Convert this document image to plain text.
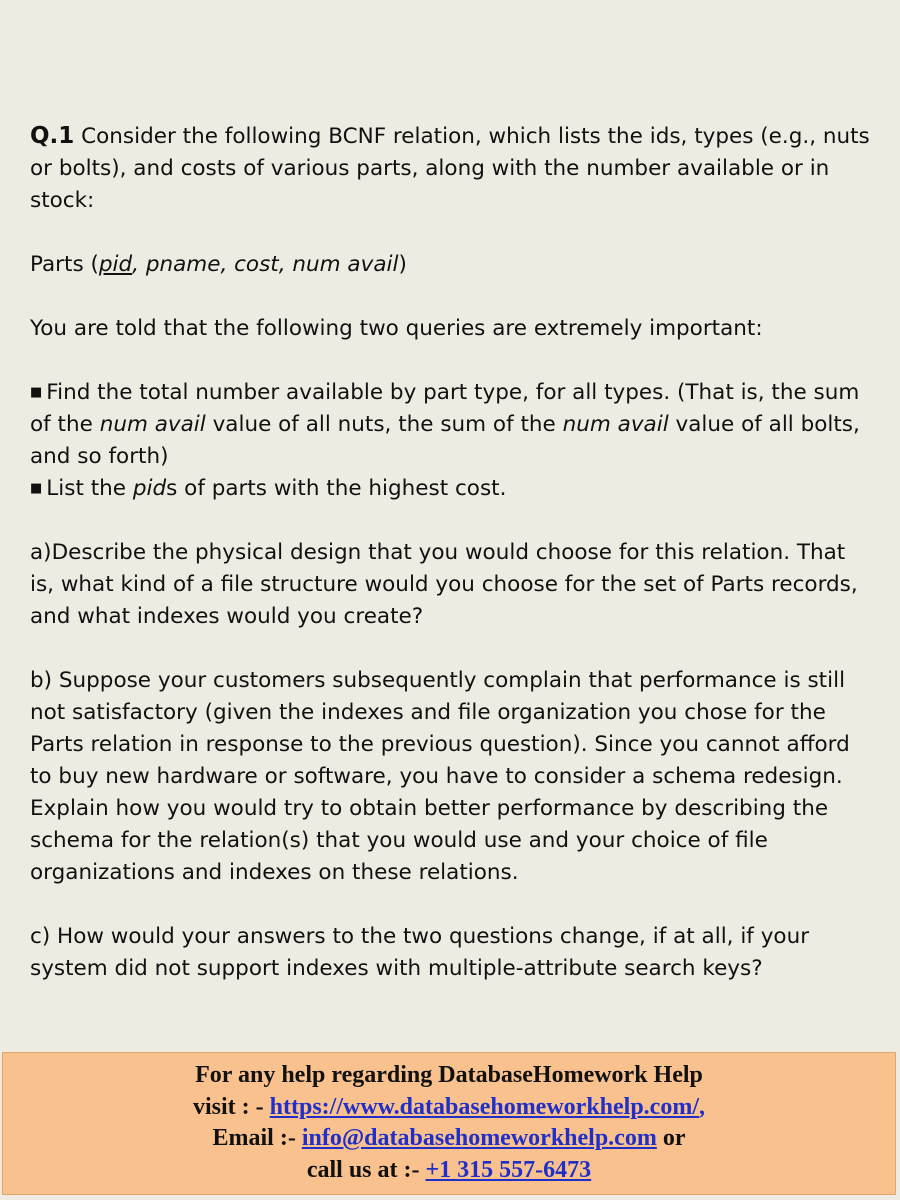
Q.1 Consider the following BCNF relation, which lists the ids, types (e.g., nuts or bolts), and costs of various parts, along with the number available or in stock:

Parts (pid, pname, cost, num avail)

You are told that the following two queries are extremely important:

■ Find the total number available by part type, for all types. (That is, the sum of the num avail value of all nuts, the sum of the num avail value of all bolts, and so forth)

■ List the pids of parts with the highest cost.

a)Describe the physical design that you would choose for this relation. That is, what kind of a file structure would you choose for the set of Parts records, and what indexes would you create?

b) Suppose your customers subsequently complain that performance is still not satisfactory (given the indexes and file organization you chose for the Parts relation in response to the previous question). Since you cannot afford to buy new hardware or software, you have to consider a schema redesign. Explain how you would try to obtain better performance by describing the schema for the relation(s) that you would use and your choice of file organizations and indexes on these relations.

c) How would your answers to the two questions change, if at all, if your system did not support indexes with multiple-attribute search keys?

For any help regarding DatabaseHomework Help
visit : - https://www.databasehomeworkhelp.com/,
Email :- info@databasehomeworkhelp.com or
call us at :- +1 315 557-6473
